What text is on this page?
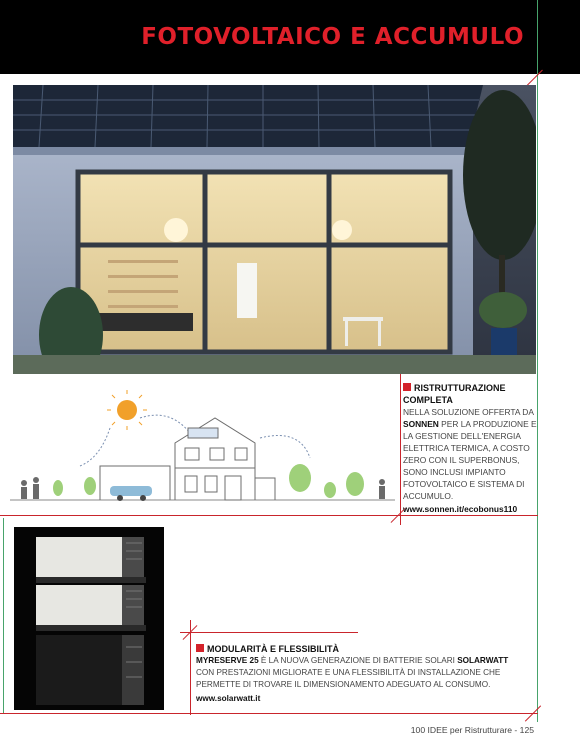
FOTOVOLTAICO E ACCUMULO
RISTRUTTURAZIONE COMPLETA
NELLA SOLUZIONE OFFERTA DA SONNEN PER LA PRODUZIONE E LA GESTIONE DELL'ENERGIA ELETTRICA TERMICA, A COSTO ZERO CON IL SUPERBONUS, SONO INCLUSI IMPIANTO FOTOVOLTAICO E SISTEMA DI ACCUMULO.
www.sonnen.it/ecobonus110
MODULARITÀ E FLESSIBILITÀ
MYRESERVE 25 È LA NUOVA GENERAZIONE DI BATTERIE SOLARI SOLARWATT CON PRESTAZIONI MIGLIORATE E UNA FLESSIBILITÀ DI INSTALLAZIONE CHE PERMETTE DI TROVARE IL DIMENSIONAMENTO ADEGUATO AL CONSUMO.
www.solarwatt.it
100 IDEE per Ristrutturare - 125
